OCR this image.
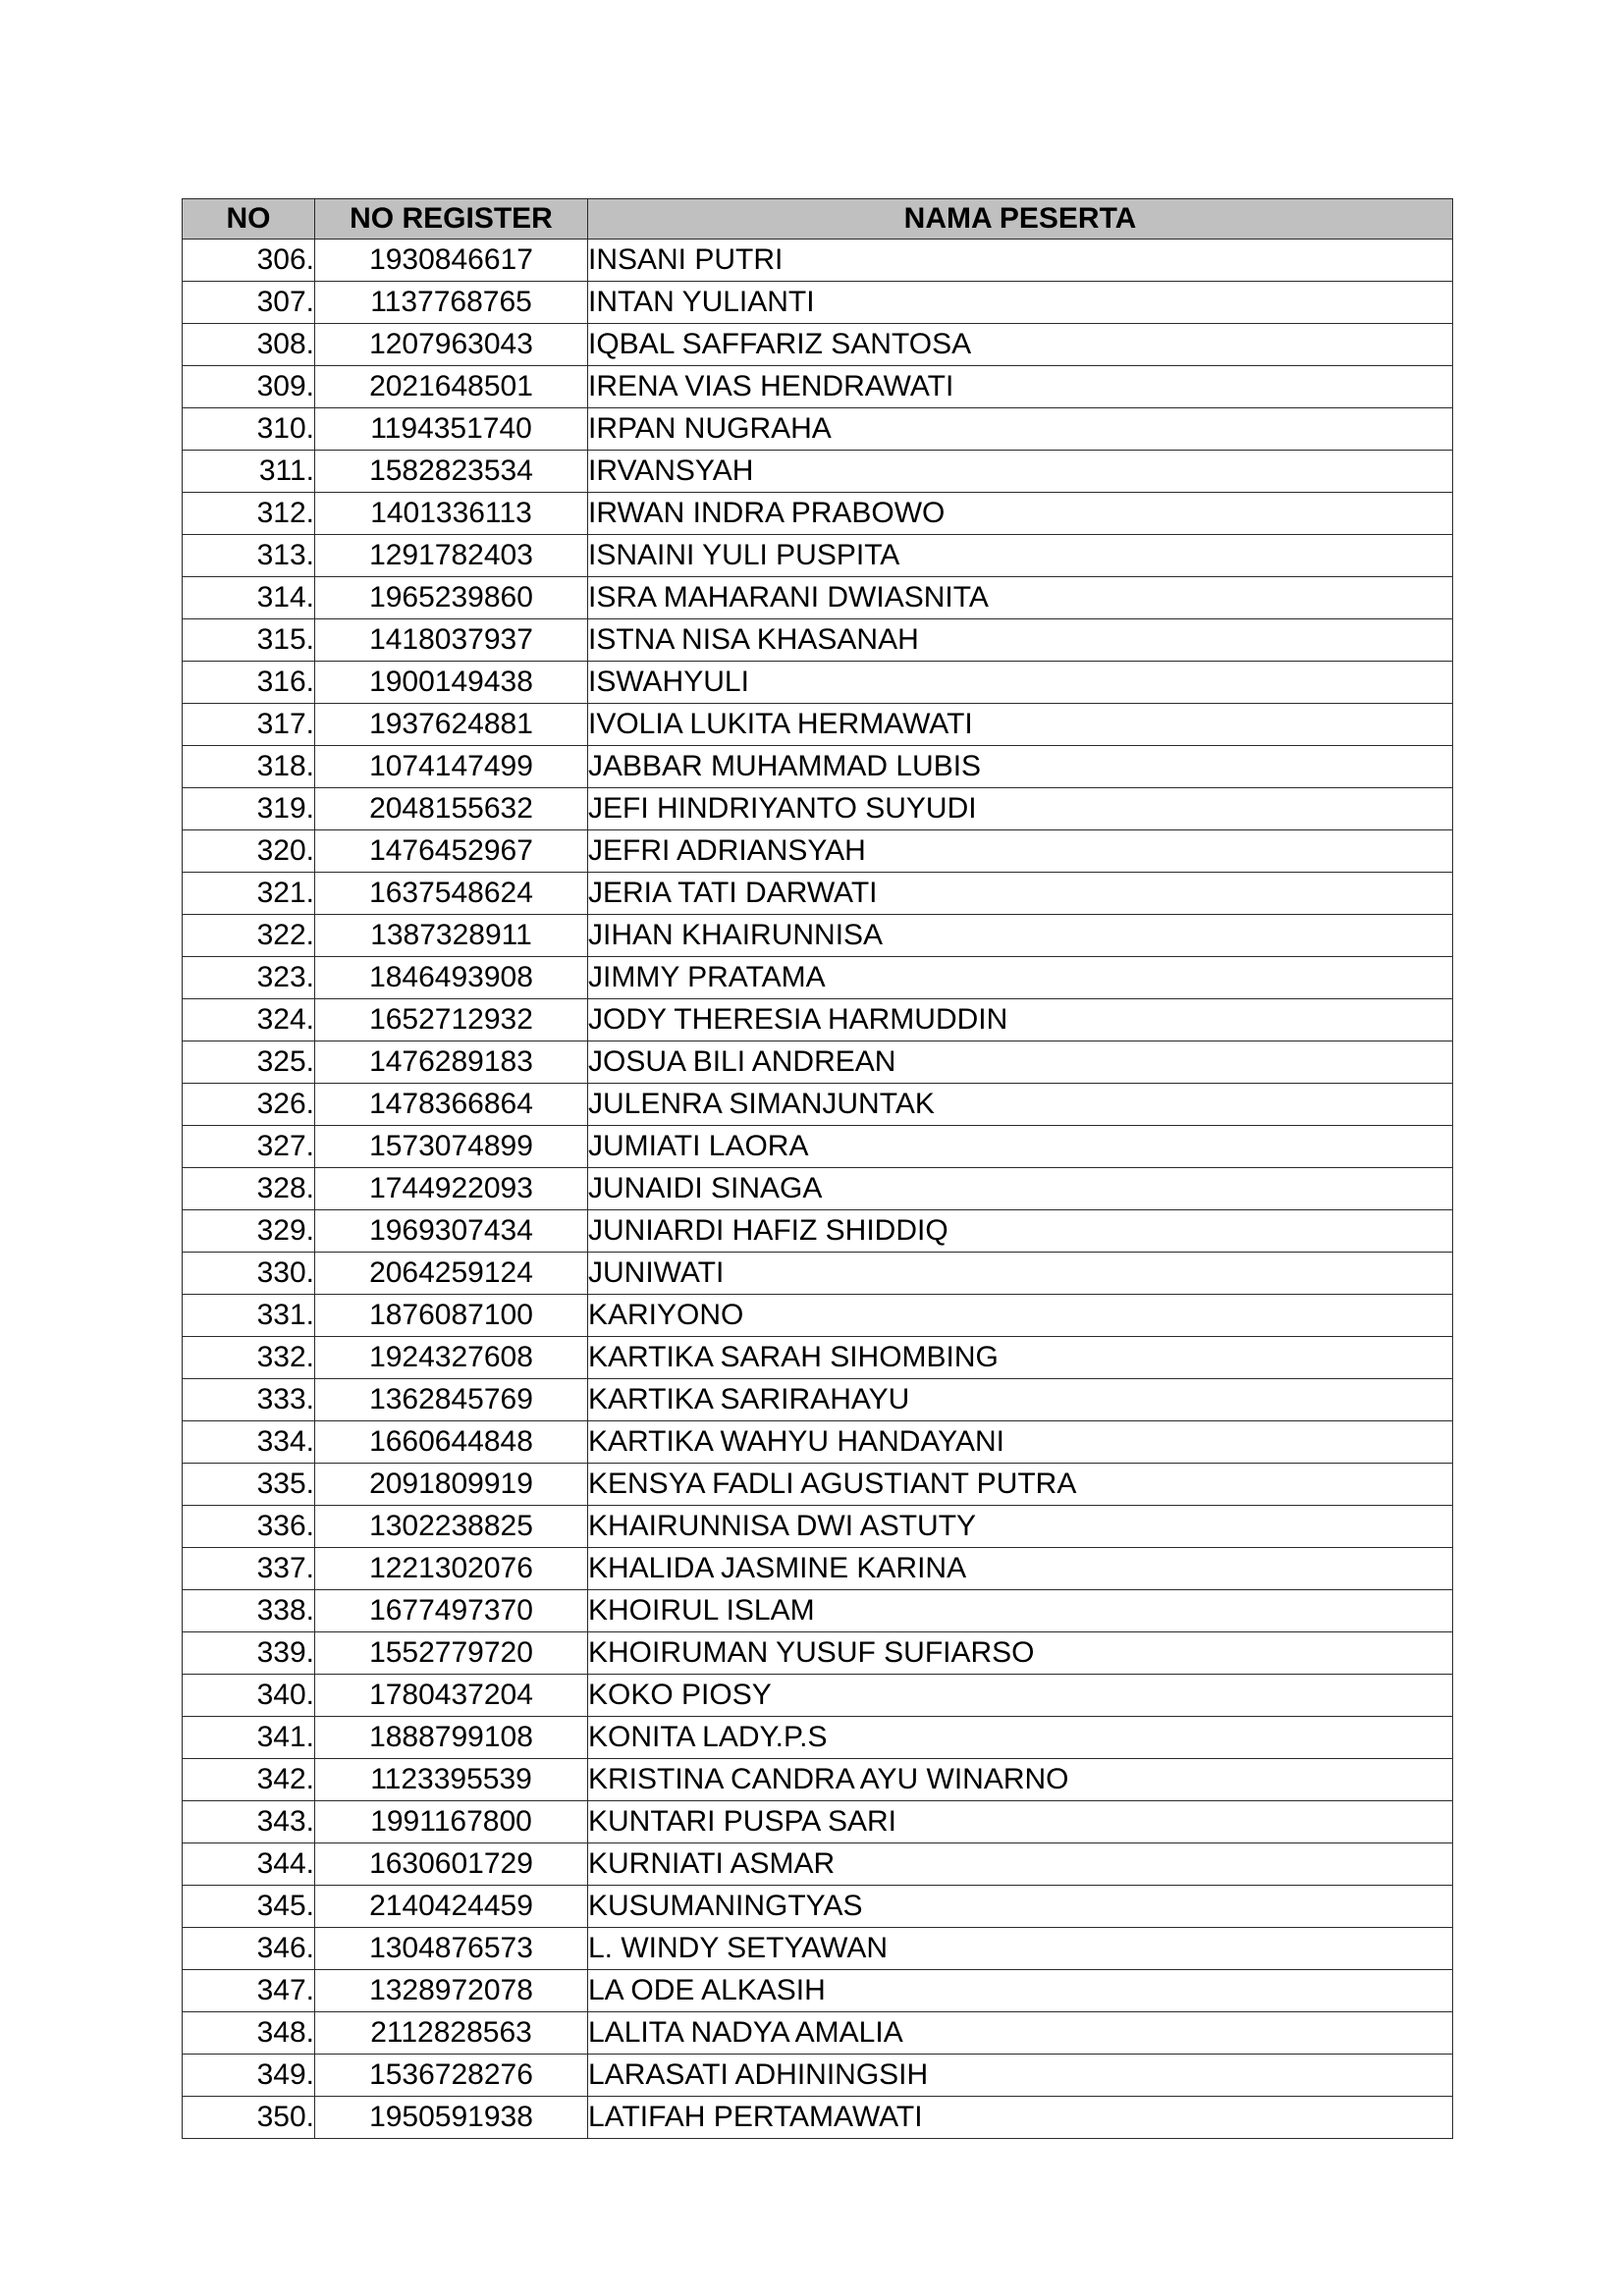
NO	NO REGISTER	NAMA PESERTA
306.	1930846617	INSANI PUTRI
307.	1137768765	INTAN YULIANTI
308.	1207963043	IQBAL SAFFARIZ SANTOSA
309.	2021648501	IRENA VIAS HENDRAWATI
310.	1194351740	IRPAN NUGRAHA
311.	1582823534	IRVANSYAH
312.	1401336113	IRWAN INDRA PRABOWO
313.	1291782403	ISNAINI YULI PUSPITA
314.	1965239860	ISRA MAHARANI DWIASNITA
315.	1418037937	ISTNA NISA KHASANAH
316.	1900149438	ISWAHYULI
317.	1937624881	IVOLIA LUKITA HERMAWATI
318.	1074147499	JABBAR MUHAMMAD LUBIS
319.	2048155632	JEFI HINDRIYANTO SUYUDI
320.	1476452967	JEFRI ADRIANSYAH
321.	1637548624	JERIA TATI DARWATI
322.	1387328911	JIHAN KHAIRUNNISA
323.	1846493908	JIMMY PRATAMA
324.	1652712932	JODY THERESIA HARMUDDIN
325.	1476289183	JOSUA BILI ANDREAN
326.	1478366864	JULENRA SIMANJUNTAK
327.	1573074899	JUMIATI LAORA
328.	1744922093	JUNAIDI SINAGA
329.	1969307434	JUNIARDI HAFIZ SHIDDIQ
330.	2064259124	JUNIWATI
331.	1876087100	KARIYONO
332.	1924327608	KARTIKA SARAH SIHOMBING
333.	1362845769	KARTIKA SARIRAHAYU
334.	1660644848	KARTIKA WAHYU HANDAYANI
335.	2091809919	KENSYA FADLI AGUSTIANT PUTRA
336.	1302238825	KHAIRUNNISA DWI ASTUTY
337.	1221302076	KHALIDA JASMINE KARINA
338.	1677497370	KHOIRUL ISLAM
339.	1552779720	KHOIRUMAN YUSUF SUFIARSO
340.	1780437204	KOKO PIOSY
341.	1888799108	KONITA LADY.P.S
342.	1123395539	KRISTINA CANDRA AYU WINARNO
343.	1991167800	KUNTARI PUSPA SARI
344.	1630601729	KURNIATI ASMAR
345.	2140424459	KUSUMANINGTYAS
346.	1304876573	L. WINDY SETYAWAN
347.	1328972078	LA ODE ALKASIH
348.	2112828563	LALITA NADYA AMALIA
349.	1536728276	LARASATI ADHININGSIH
350.	1950591938	LATIFAH PERTAMAWATI
